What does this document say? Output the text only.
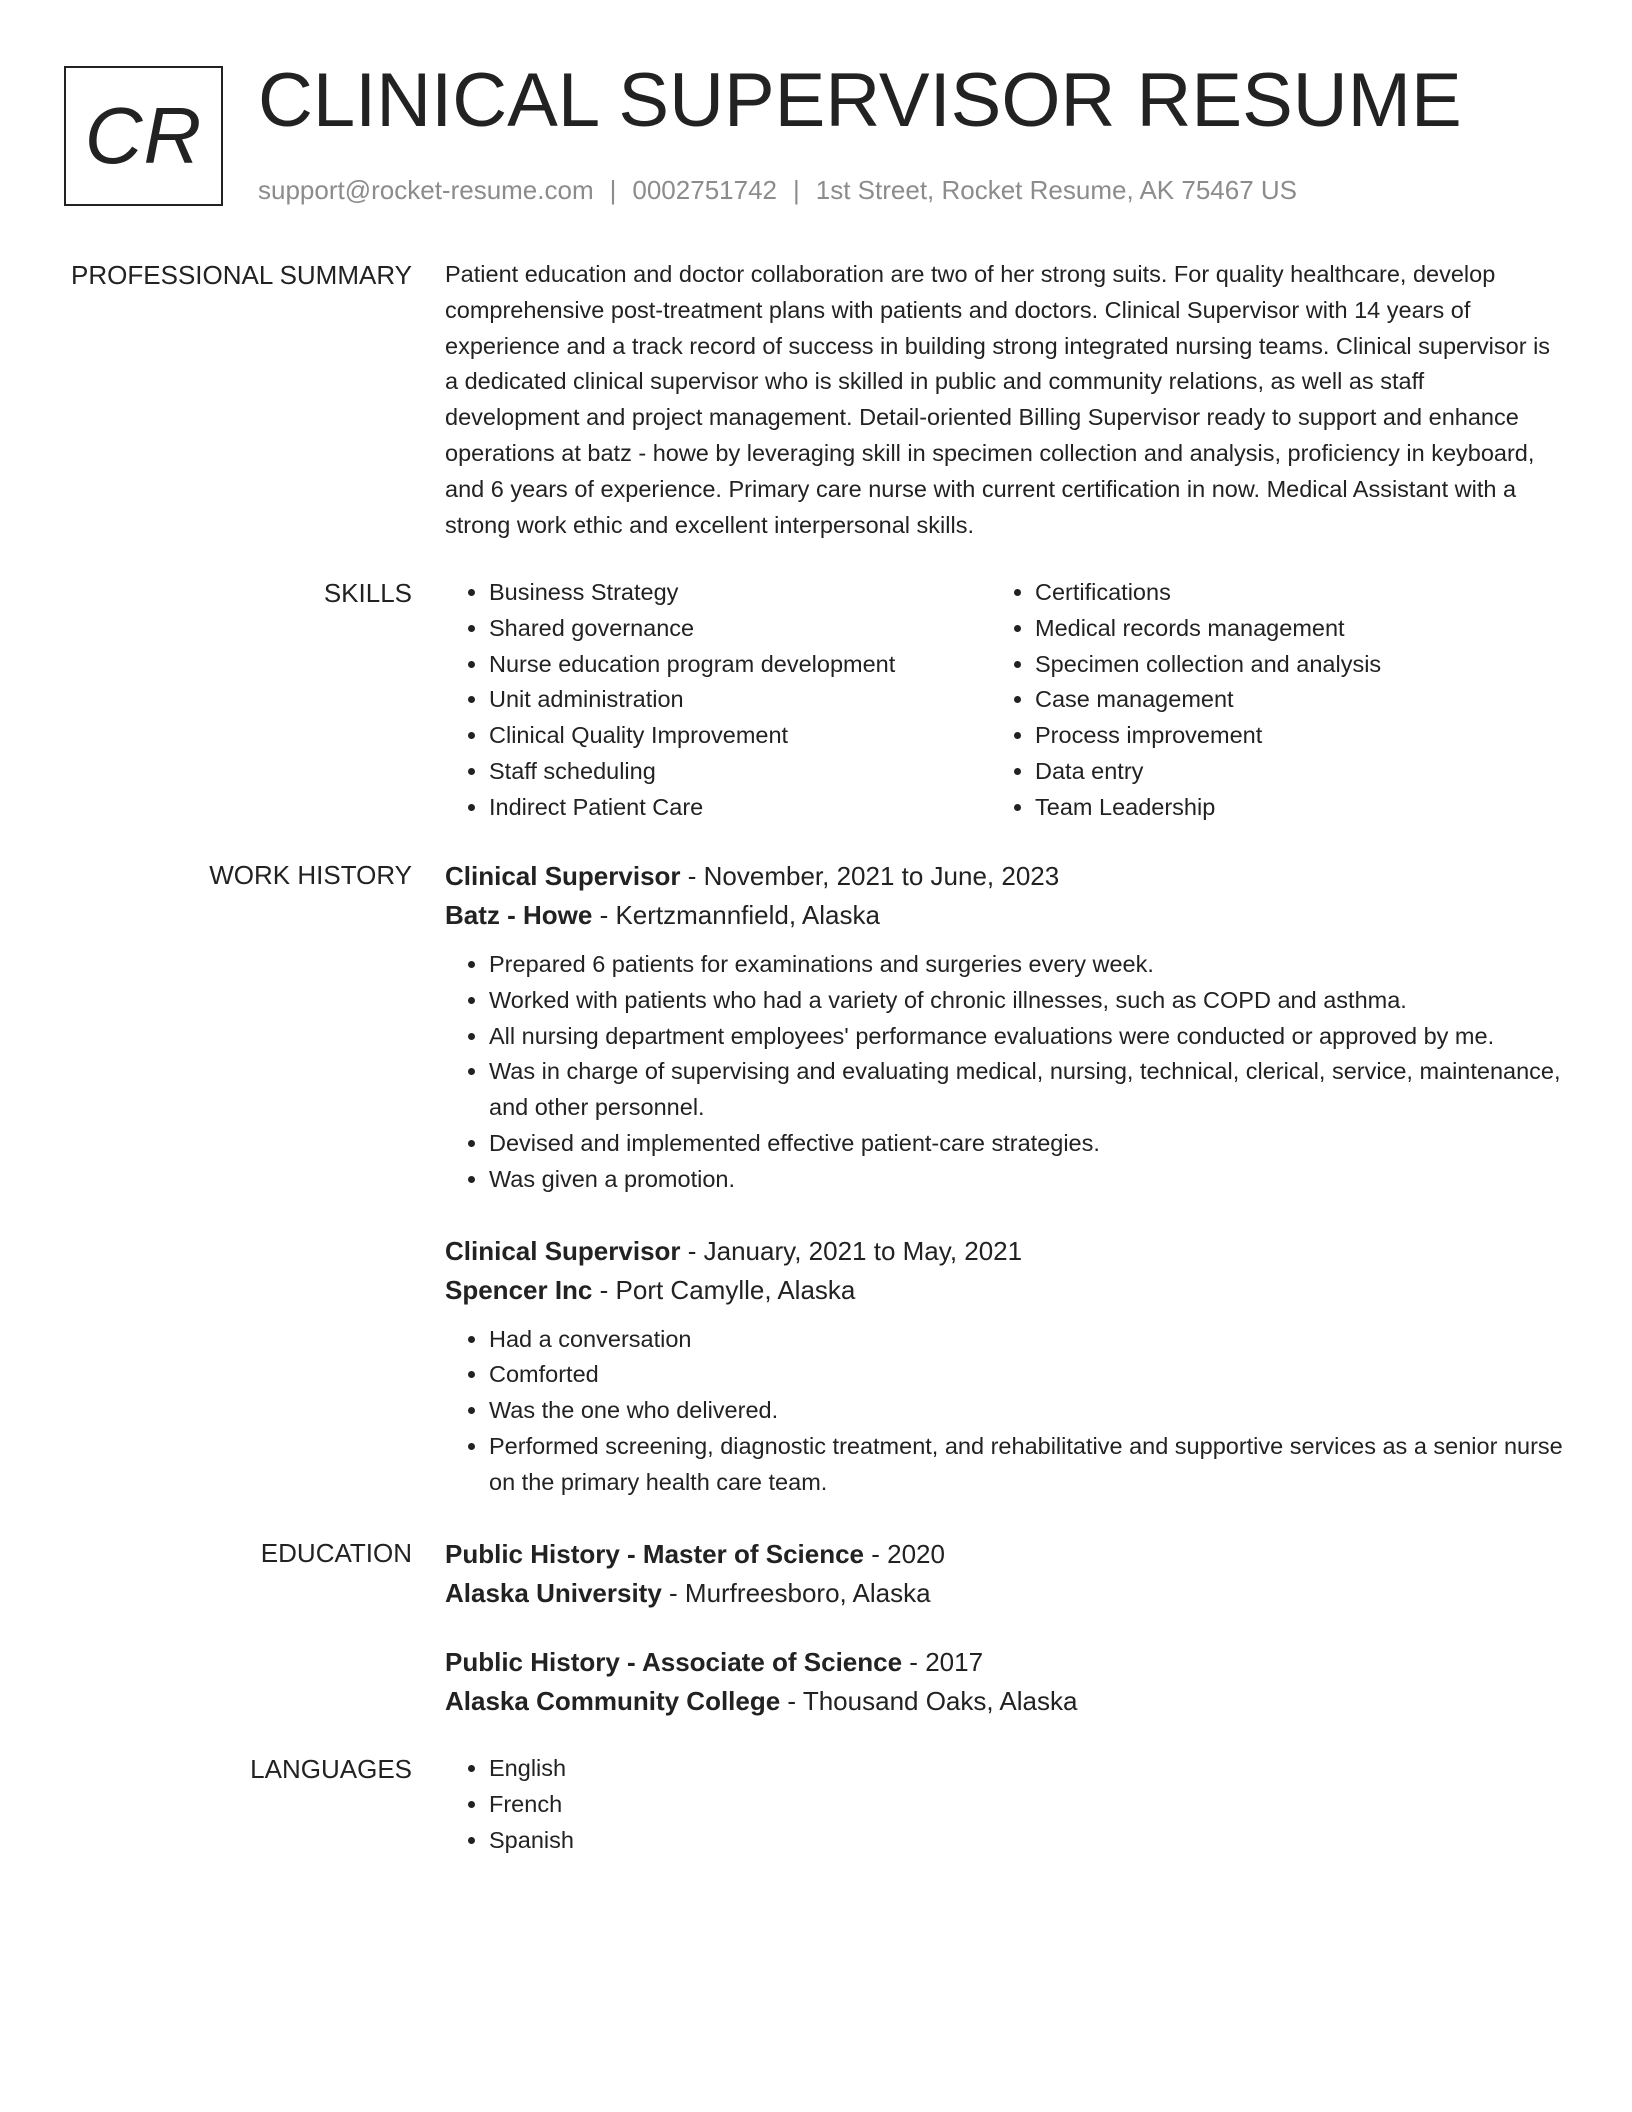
CR CLINICAL SUPERVISOR RESUME
support@rocket-resume.com | 0002751742 | 1st Street, Rocket Resume, AK 75467 US
PROFESSIONAL SUMMARY Patient education and doctor collaboration are two of her strong suits. For quality healthcare, develop comprehensive post-treatment plans with patients and doctors. Clinical Supervisor with 14 years of experience and a track record of success in building strong integrated nursing teams. Clinical supervisor is a dedicated clinical supervisor who is skilled in public and community relations, as well as staff development and project management. Detail-oriented Billing Supervisor ready to support and enhance operations at batz - howe by leveraging skill in specimen collection and analysis, proficiency in keyboard, and 6 years of experience. Primary care nurse with current certification in now. Medical Assistant with a strong work ethic and excellent interpersonal skills.

SKILLS	• Business Strategy
• Shared governance
• Nurse education program development
• Unit administration
• Clinical Quality Improvement
• Staff scheduling
• Indirect Patient Care
• Certifications
• Medical records management
• Specimen collection and analysis
• Case management
• Process improvement
• Data entry
• Team Leadership
WORK HISTORY Clinical Supervisor - November, 2021 to June, 2023
Batz - Howe - Kertzmannfield, Alaska
• Prepared 6 patients for examinations and surgeries every week.
• Worked with patients who had a variety of chronic illnesses, such as COPD and asthma.
• All nursing department employees' performance evaluations were conducted or approved by me.
• Was in charge of supervising and evaluating medical, nursing, technical, clerical, service, maintenance, and other personnel.
• Devised and implemented effective patient-care strategies.
• Was given a promotion.
Clinical Supervisor - January, 2021 to May, 2021
Spencer Inc - Port Camylle, Alaska
• Had a conversation
• Comforted
• Was the one who delivered.
• Performed screening, diagnostic treatment, and rehabilitative and supportive services as a senior nurse on the primary health care team.
EDUCATION Public History - Master of Science - 2020
Alaska University - Murfreesboro, Alaska
Public History - Associate of Science - 2017
Alaska Community College - Thousand Oaks, Alaska
LANGUAGES	• English
• French
• Spanish
